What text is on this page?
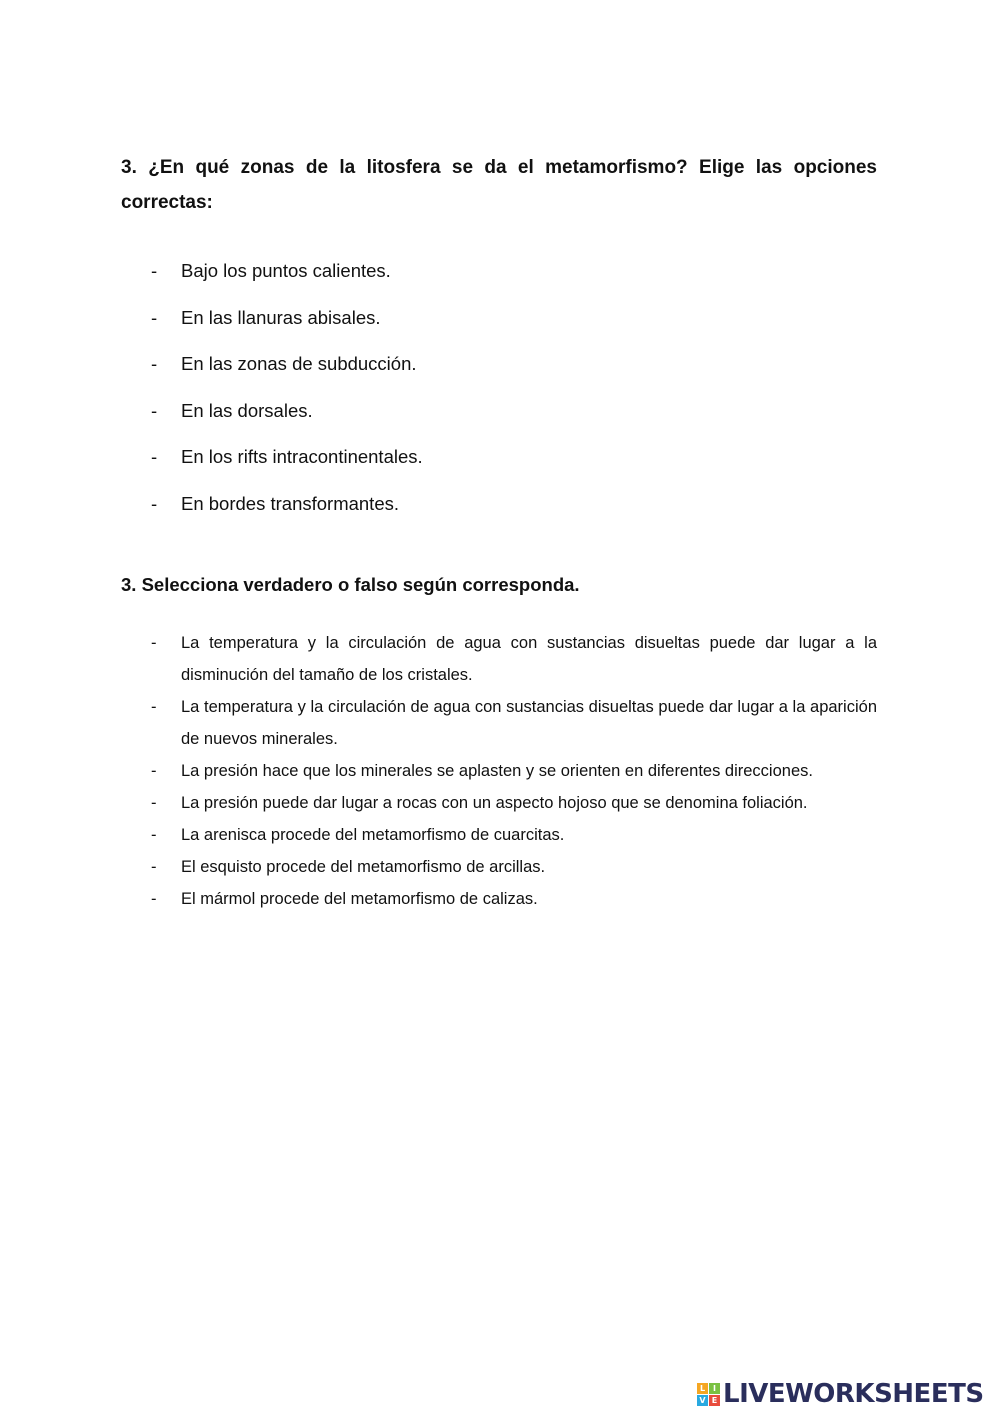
3. ¿En qué zonas de la litosfera se da el metamorfismo? Elige las opciones correctas:

- Bajo los puntos calientes.
- En las llanuras abisales.
- En las zonas de subducción.
- En las dorsales.
- En los rifts intracontinentales.
- En bordes transformantes.

3. Selecciona verdadero o falso según corresponda.

- La temperatura y la circulación de agua con sustancias disueltas puede dar lugar a la disminución del tamaño de los cristales.
- La temperatura y la circulación de agua con sustancias disueltas puede dar lugar a la aparición de nuevos minerales.
- La presión hace que los minerales se aplasten y se orienten en diferentes direcciones.
- La presión puede dar lugar a rocas con un aspecto hojoso que se denomina foliación.
- La arenisca procede del metamorfismo de cuarcitas.
- El esquisto procede del metamorfismo de arcillas.
- El mármol procede del metamorfismo de calizas.
L I
V E LIVEWORKSHEETS
